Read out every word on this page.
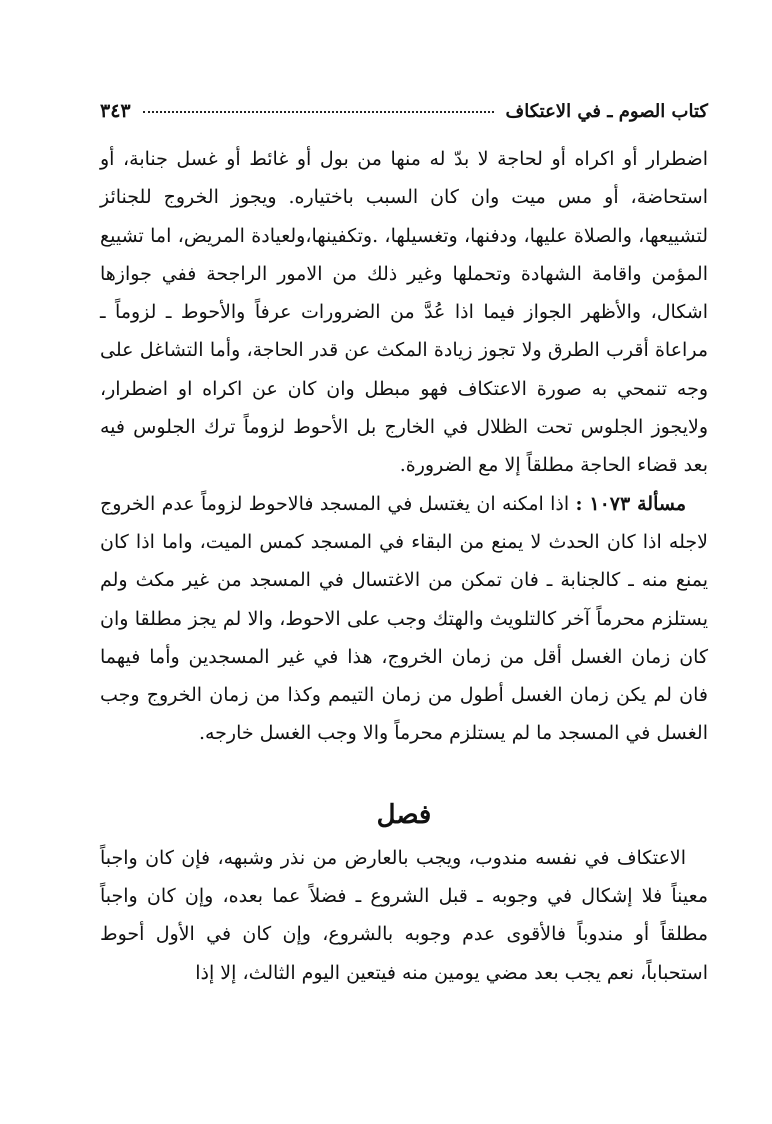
كتاب الصوم ـ في الاعتكاف
٣٤٣

اضطرار أو اكراه أو لحاجة لا بدّ له منها من بول أو غائط أو غسل جنابة، أو استحاضة، أو مس ميت وان كان السبب باختياره. ويجوز الخروج للجنائز لتشييعها، والصلاة عليها، ودفنها، وتغسيلها، .وتكفينها،ولعيادة المريض، اما تشييع المؤمن واقامة الشهادة وتحملها وغير ذلك من الامور الراجحة ففي جوازها اشكال، والأظهر الجواز فيما اذا عُدَّ من الضرورات عرفاً والأحوط ـ لزوماً ـ مراعاة أقرب الطرق ولا تجوز زيادة المكث عن قدر الحاجة، وأما التشاغل على وجه تنمحي به صورة الاعتكاف فهو مبطل وان كان عن اكراه او اضطرار، ولايجوز الجلوس تحت الظلال في الخارج بل الأحوط لزوماً ترك الجلوس فيه بعد قضاء الحاجة مطلقاً إلا مع الضرورة.

مسألة ١٠٧٣ : اذا امكنه ان يغتسل في المسجد فالاحوط لزوماً عدم الخروج لاجله اذا كان الحدث لا يمنع من البقاء في المسجد كمس الميت، واما اذا كان يمنع منه ـ كالجنابة ـ فان تمكن من الاغتسال في المسجد من غير مكث ولم يستلزم محرماً آخر كالتلويث والهتك وجب على الاحوط، والا لم يجز مطلقا وان كان زمان الغسل أقل من زمان الخروج، هذا في غير المسجدين وأما فيهما فان لم يكن زمان الغسل أطول من زمان التيمم وكذا من زمان الخروج وجب الغسل في المسجد ما لم يستلزم محرماً والا وجب الغسل خارجه.

فصل

الاعتكاف في نفسه مندوب، ويجب بالعارض من نذر وشبهه، فإن كان واجباً معيناً فلا إشكال في وجوبه ـ قبل الشروع ـ فضلاً عما بعده، وإن كان واجباً مطلقاً أو مندوباً فالأقوى عدم وجوبه بالشروع، وإن كان في الأول أحوط استحباباً، نعم يجب بعد مضي يومين منه فيتعين اليوم الثالث، إلا إذا
